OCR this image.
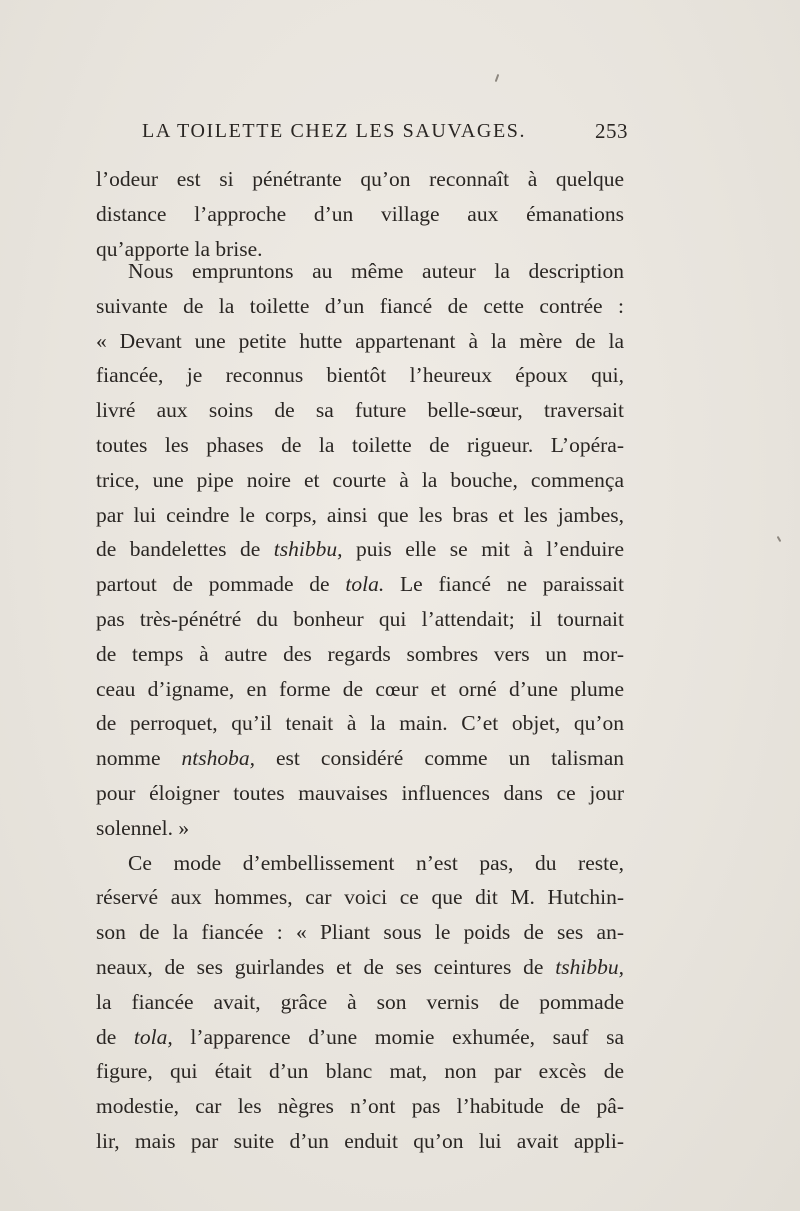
LA TOILETTE CHEZ LES SAUVAGES.	253
l’odeur est si pénétrante qu’on reconnaît à quelque
distance l’approche d’un village aux émanations
qu’apporte la brise.
Nous empruntons au même auteur la description
suivante de la toilette d’un fiancé de cette contrée :
« Devant une petite hutte appartenant à la mère de la
fiancée, je reconnus bientôt l’heureux époux qui,
livré aux soins de sa future belle-sœur, traversait
toutes les phases de la toilette de rigueur. L’opéra-
trice, une pipe noire et courte à la bouche, commença
par lui ceindre le corps, ainsi que les bras et les jambes,
de bandelettes de tshibbu, puis elle se mit à l’enduire
partout de pommade de tola. Le fiancé ne paraissait
pas très-pénétré du bonheur qui l’attendait; il tournait
de temps à autre des regards sombres vers un mor-
ceau d’igname, en forme de cœur et orné d’une plume
de perroquet, qu’il tenait à la main. C’et objet, qu’on
nomme ntshoba, est considéré comme un talisman
pour éloigner toutes mauvaises influences dans ce jour
solennel. »
Ce mode d’embellissement n’est pas, du reste,
réservé aux hommes, car voici ce que dit M. Hutchin-
son de la fiancée : « Pliant sous le poids de ses an-
neaux, de ses guirlandes et de ses ceintures de tshibbu,
la fiancée avait, grâce à son vernis de pommade
de tola, l’apparence d’une momie exhumée, sauf sa
figure, qui était d’un blanc mat, non par excès de
modestie, car les nègres n’ont pas l’habitude de pâ-
lir, mais par suite d’un enduit qu’on lui avait appli-
